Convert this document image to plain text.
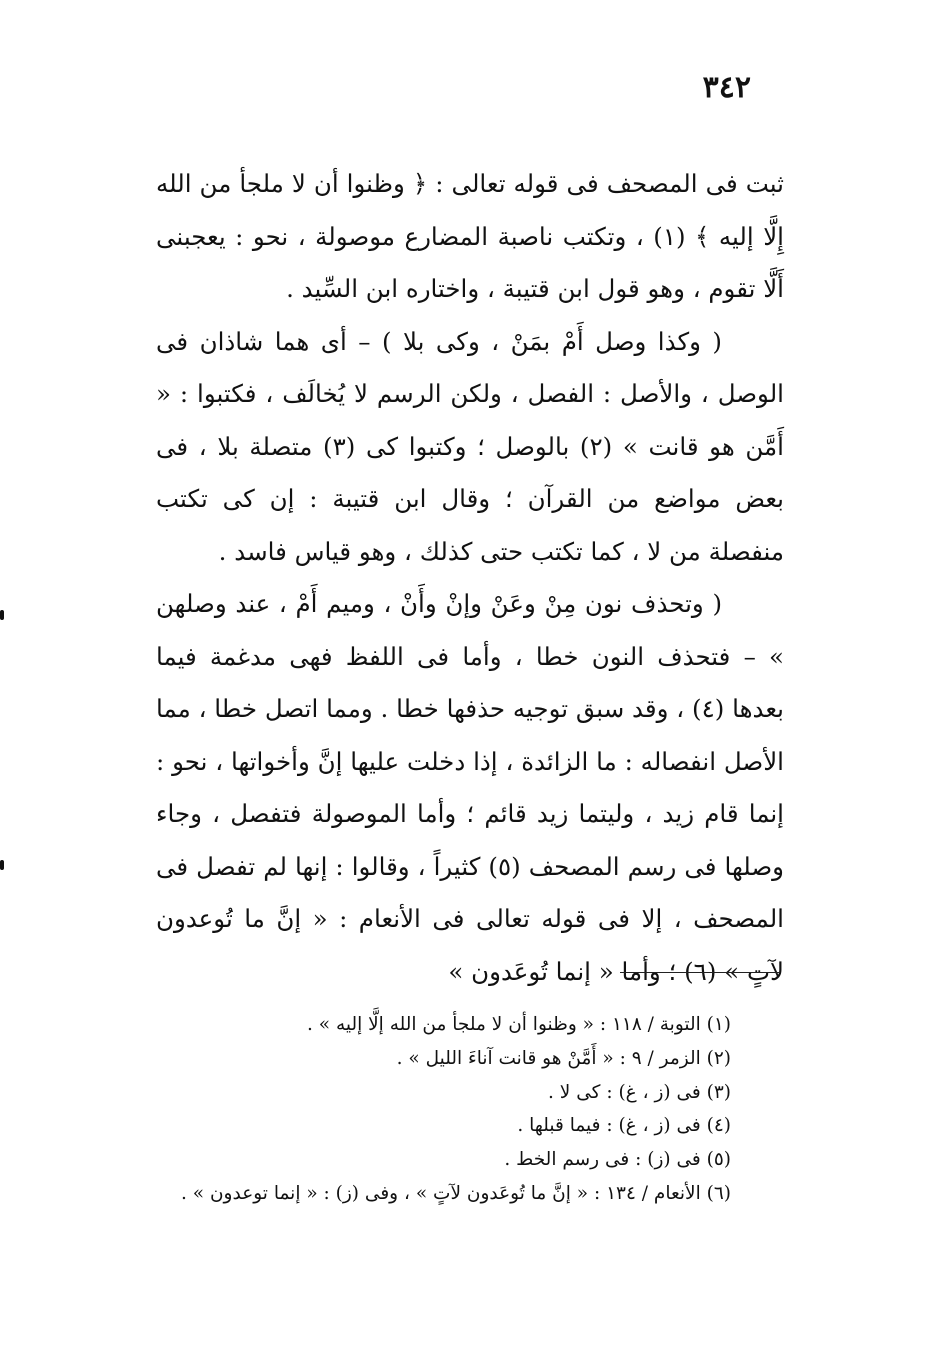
٣٤٢

ثبت فى المصحف فى قوله تعالى : ﴿ وظنوا أن لا ملجأ من الله إِلَّا إليه ﴾ (١) ، وتكتب ناصبة المضارع موصولة ، نحو : يعجبنى أَلَّا تقوم ، وهو قول ابن قتيبة ، واختاره ابن السِّيد .

( وكذا وصل أَمْ بمَنْ ، وكى بلا ) – أى هما شاذان فى الوصل ، والأصل : الفصل ، ولكن الرسم لا يُخالَف ، فكتبوا : « أَمَّن هو قانت » (٢) بالوصل ؛ وكتبوا كى (٣) متصلة بلا ، فى بعض مواضع من القرآن ؛ وقال ابن قتيبة : إن كى تكتب منفصلة من لا ، كما تكتب حتى كذلك ، وهو قياس فاسد .

( وتحذف نون مِنْ وعَنْ وإنْ وأَنْ ، وميم أَمْ ، عند وصلهن » – فتحذف النون خطا ، وأما فى اللفظ فهى مدغمة فيما بعدها (٤) ، وقد سبق توجيه حذفها خطا . ومما اتصل خطا ، مما الأصل انفصاله : ما الزائدة ، إذا دخلت عليها إنَّ وأخواتها ، نحو : إنما قام زيد ، وليتما زيد قائم ؛ وأما الموصولة فتفصل ، وجاء وصلها فى رسم المصحف (٥) كثيراً ، وقالوا : إنها لم تفصل فى المصحف ، إلا فى قوله تعالى فى الأنعام : « إنَّ ما تُوعدون لآتٍ » (٦) ؛ وأما « إنما تُوعَدون »

(١) التوبة / ١١٨ : « وظنوا أن لا ملجأ من الله إلَّا إليه » .
(٢) الزمر / ٩ : « أَمَّنْ هو قانت آناءَ الليل » .
(٣) فى (ز ، غ) : كى لا .
(٤) فى (ز ، غ) : فيما قبلها .
(٥) فى (ز) : فى رسم الخط .
(٦) الأنعام / ١٣٤ : « إنَّ ما تُوعَدون لآتٍ » ، وفى (ز) : « إنما توعدون » .
